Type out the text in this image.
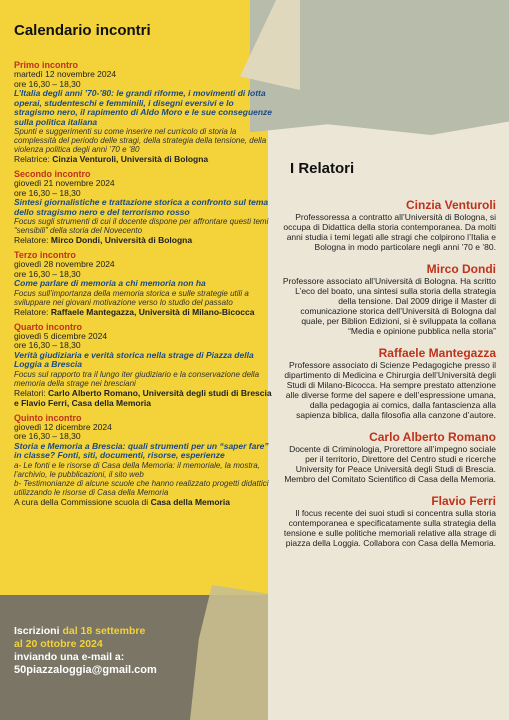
Calendario incontri
Primo incontro
martedì 12 novembre 2024
ore 16,30 – 18,30
L’Italia degli anni ’70-’80: le grandi riforme, i movimenti di lotta operai, studenteschi e femminili, i disegni eversivi e lo stragismo nero, il rapimento di Aldo Moro e le sue conseguenze sulla politica italiana
Spunti e suggerimenti su come inserire nel curricolo di storia la complessità del periodo delle stragi, della strategia della tensione, della violenza politica degli anni ’70 e ’80
Relatrice: Cinzia Venturoli, Università di Bologna
Secondo incontro
giovedì 21 novembre 2024
ore 16,30 – 18,30
Sintesi giornalistiche e trattazione storica a confronto sul tema dello stragismo nero e del terrorismo rosso
Focus sugli strumenti di cui il docente dispone per affrontare questi temi “sensibili” della storia del Novecento
Relatore: Mirco Dondi, Università di Bologna
Terzo incontro
giovedì 28 novembre 2024
ore 16,30 – 18,30
Come parlare di memoria a chi memoria non ha
Focus sull’importanza della memoria storica e sulle strategie utili a sviluppare nei giovani motivazione verso lo studio del passato
Relatore: Raffaele Mantegazza, Università di Milano-Bicocca
Quarto incontro
giovedì 5 dicembre 2024
ore 16,30 – 18,30
Verità giudiziaria e verità storica nella strage di Piazza della Loggia a Brescia
Focus sul rapporto tra il lungo iter giudiziario e la conservazione della memoria della strage nei bresciani
Relatori: Carlo Alberto Romano, Università degli studi di Brescia e Flavio Ferri, Casa della Memoria
Quinto incontro
giovedì 12 dicembre 2024
ore 16,30 – 18,30
Storia e Memoria a Brescia: quali strumenti per un “saper fare” in classe? Fonti, siti, documenti, risorse, esperienze
a- Le fonti e le risorse di Casa della Memoria: il memoriale, la mostra, l’archivio, le pubblicazioni, il sito web
b- Testimonianze di alcune scuole che hanno realizzato progetti didattici utilizzando le risorse di Casa della Memoria
A cura della Commissione scuola di Casa della Memoria
Iscrizioni dal 18 settembre
al 20 ottobre 2024
inviando una e-mail a:
50piazzaloggia@gmail.com
I Relatori
Cinzia Venturoli
Professoressa a contratto all’Università di Bologna, si occupa di Didattica della storia contemporanea. Da molti anni studia i temi legati alle stragi che colpirono l’Italia e Bologna in modo particolare negli anni ’70 e ’80.
Mirco Dondi
Professore associato all’Università di Bologna. Ha scritto L’eco del boato, una sintesi sulla storia della strategia della tensione. Dal 2009 dirige il Master di comunicazione storica dell’Università di Bologna dal quale, per Biblion Edizioni, si è sviluppata la collana “Media e opinione pubblica nella storia”
Raffaele Mantegazza
Professore associato di Scienze Pedagogiche presso il dipartimento di Medicina e Chirurgia dell’Università degli Studi di Milano-Bicocca. Ha sempre prestato attenzione alle diverse forme del sapere e dell’espressione umana, dalla pedagogia ai comics, dalla fantascienza alla sapienza biblica, dalla filosofia alla canzone d’autore.
Carlo Alberto Romano
Docente di Criminologia, Prorettore all’impegno sociale per il territorio, Direttore del Centro studi e ricerche University for Peace Università degli Studi di Brescia. Membro del Comitato Scientifico di Casa della Memoria.
Flavio Ferri
Il focus recente dei suoi studi si concentra sulla storia contemporanea e specificatamente sulla strategia della tensione e sulle politiche memoriali relative alla strage di piazza della Loggia. Collabora con Casa della Memoria.
